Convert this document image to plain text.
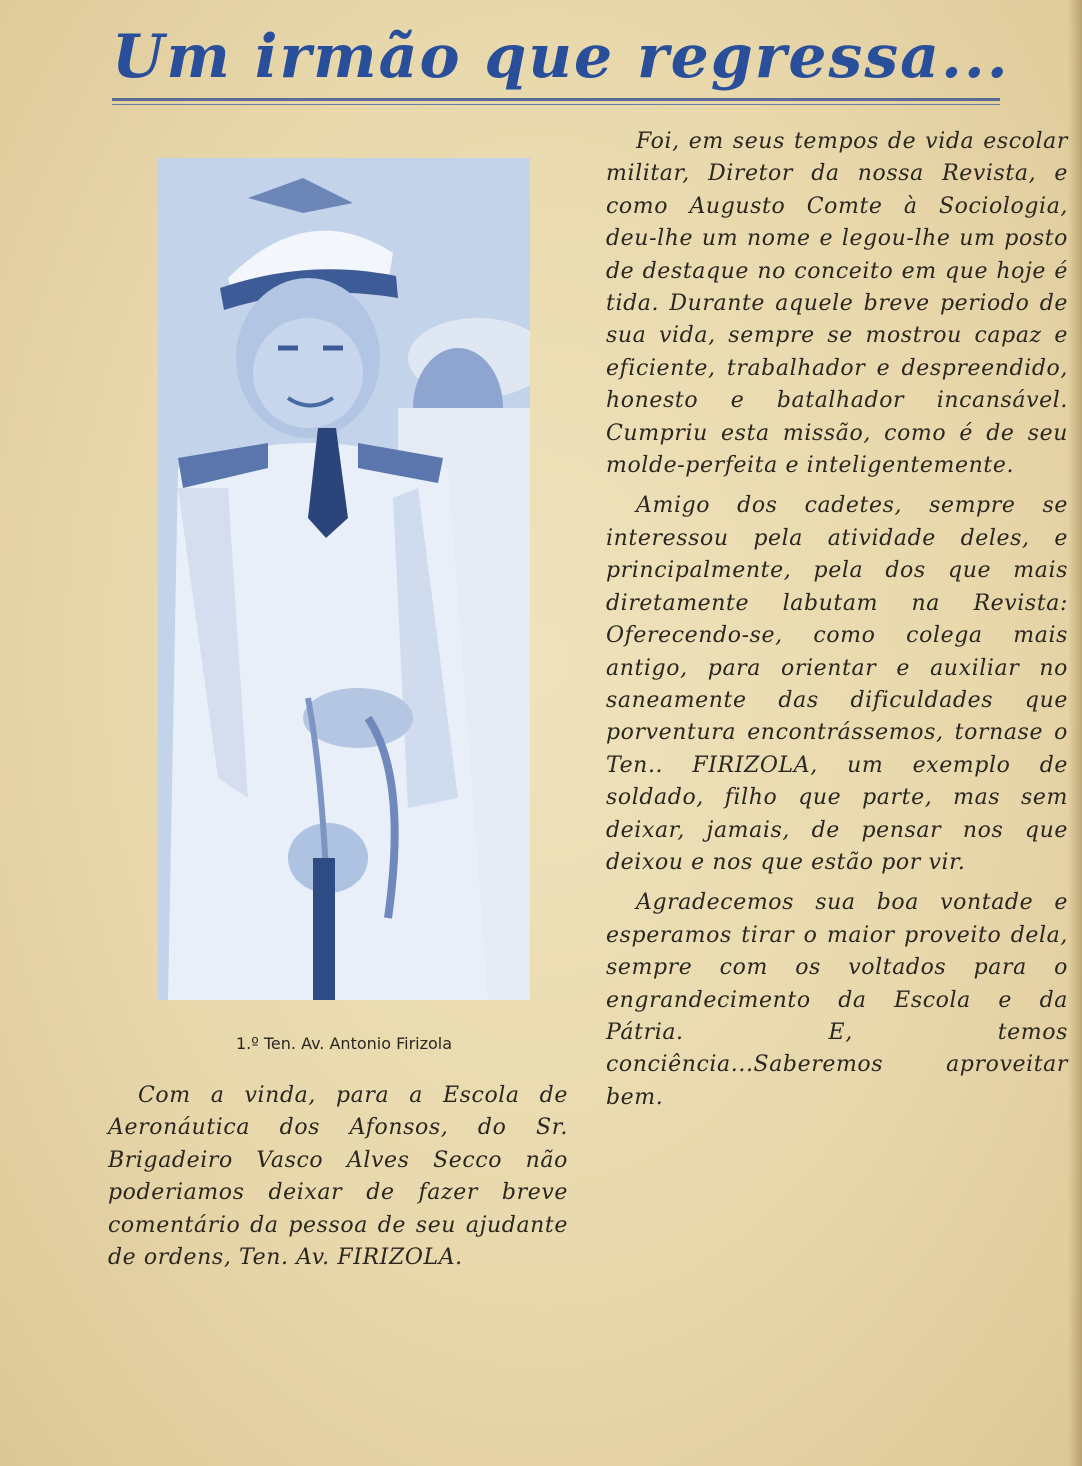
Um irmão que regressa...

1.º Ten. Av. Antonio Firizola

Com a vinda, para a Escola de Aeronáutica dos Afonsos, do Sr. Brigadeiro Vasco Alves Secco não poderiamos deixar de fazer breve comentário da pessoa de seu ajudante de ordens, Ten. Av. FIRIZOLA.

Foi, em seus tempos de vida escolar militar, Diretor da nossa Revista, e como Augusto Comte à Sociologia, deu-lhe um nome e legou-lhe um posto de destaque no conceito em que hoje é tida. Durante aquele breve periodo de sua vida, sempre se mostrou capaz e eficiente, trabalhador e despreendido, honesto e batalhador incansável. Cumpriu esta missão, como é de seu molde-perfeita e inteligentemente.

Amigo dos cadetes, sempre se interessou pela atividade deles, e principalmente, pela dos que mais diretamente labutam na Revista: Oferecendo-se, como colega mais antigo, para orientar e auxiliar no saneamente das dificuldades que porventura encontrássemos, tornase o Ten.. FIRIZOLA, um exemplo de soldado, filho que parte, mas sem deixar, jamais, de pensar nos que deixou e nos que estão por vir.

Agradecemos sua boa vontade e esperamos tirar o maior proveito dela, sempre com os voltados para o engrandecimento da Escola e da Pátria. E, temos conciência...Saberemos aproveitar bem.
